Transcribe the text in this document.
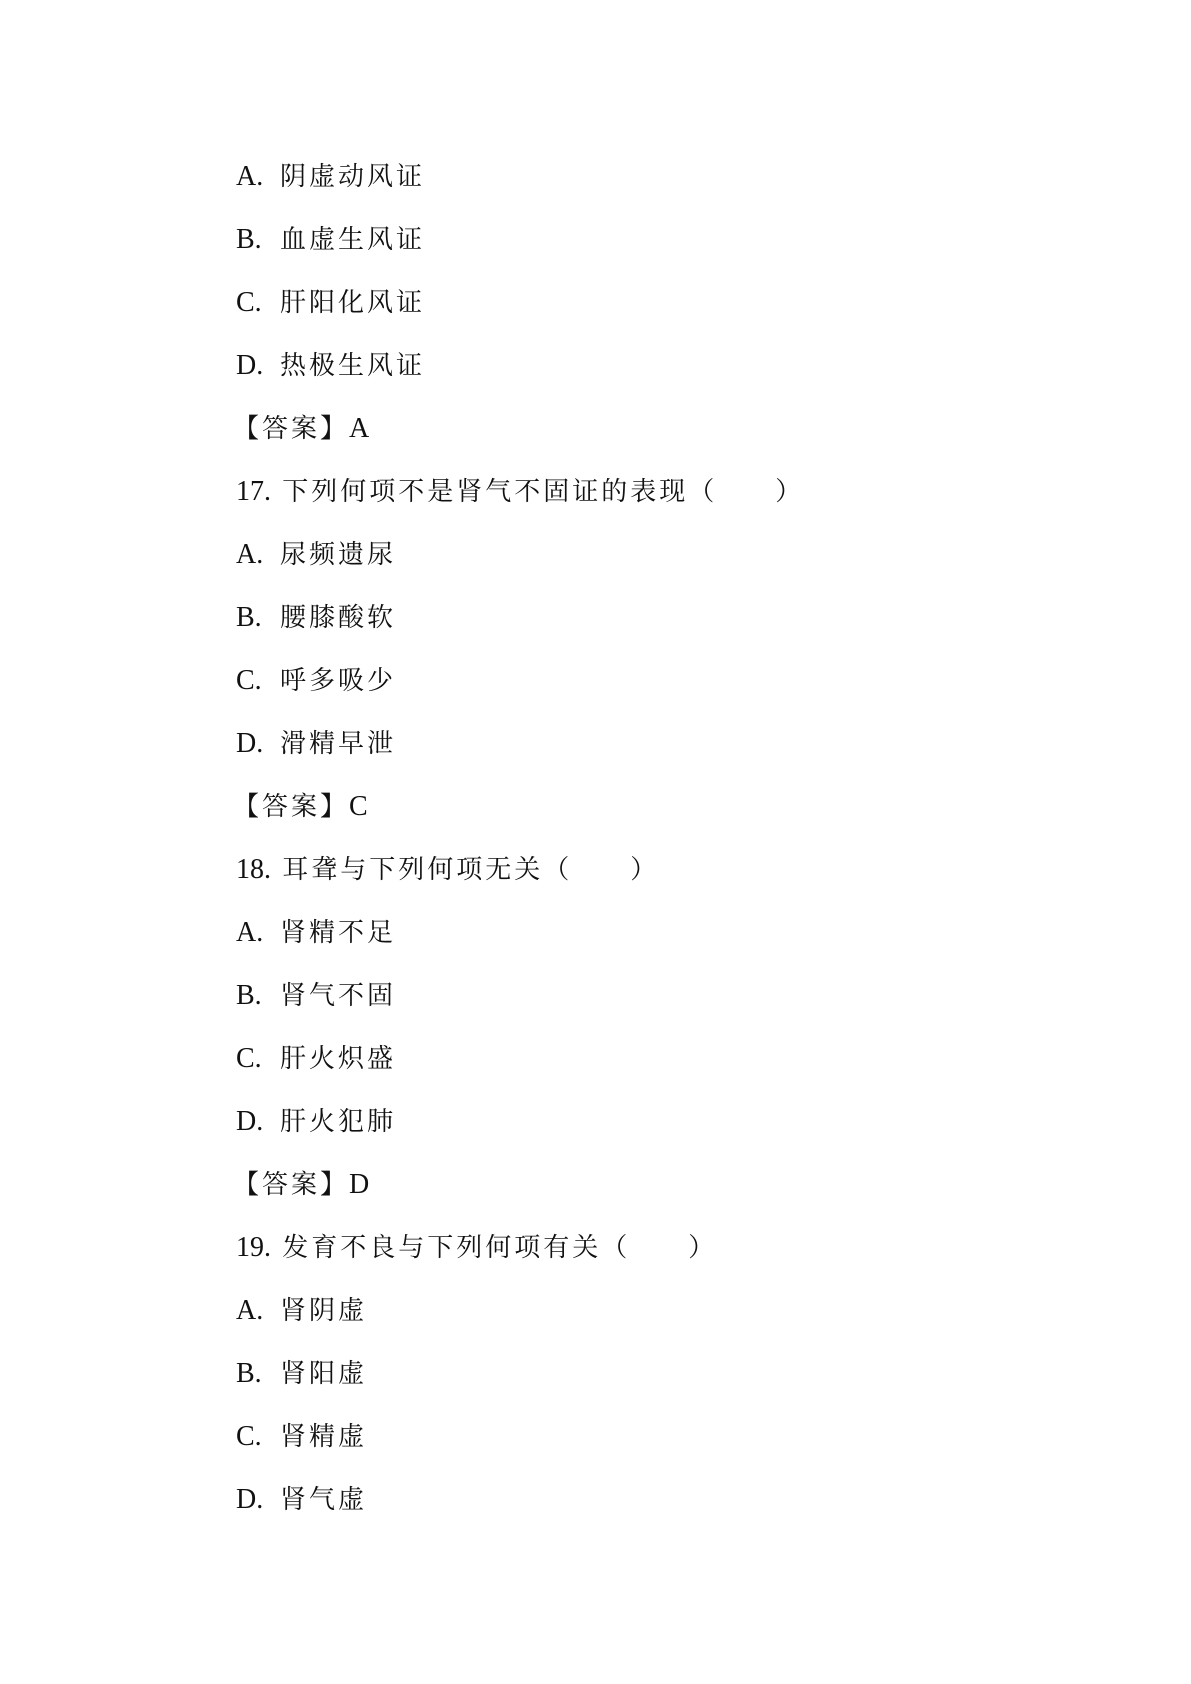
A. 阴虚动风证
B. 血虚生风证
C. 肝阳化风证
D. 热极生风证
【答案】A
17. 下列何项不是肾气不固证的表现（　　）
A. 尿频遗尿
B. 腰膝酸软
C. 呼多吸少
D. 滑精早泄
【答案】C
18. 耳聋与下列何项无关（　　）
A. 肾精不足
B. 肾气不固
C. 肝火炽盛
D. 肝火犯肺
【答案】D
19. 发育不良与下列何项有关（　　）
A. 肾阴虚
B. 肾阳虚
C. 肾精虚
D. 肾气虚
